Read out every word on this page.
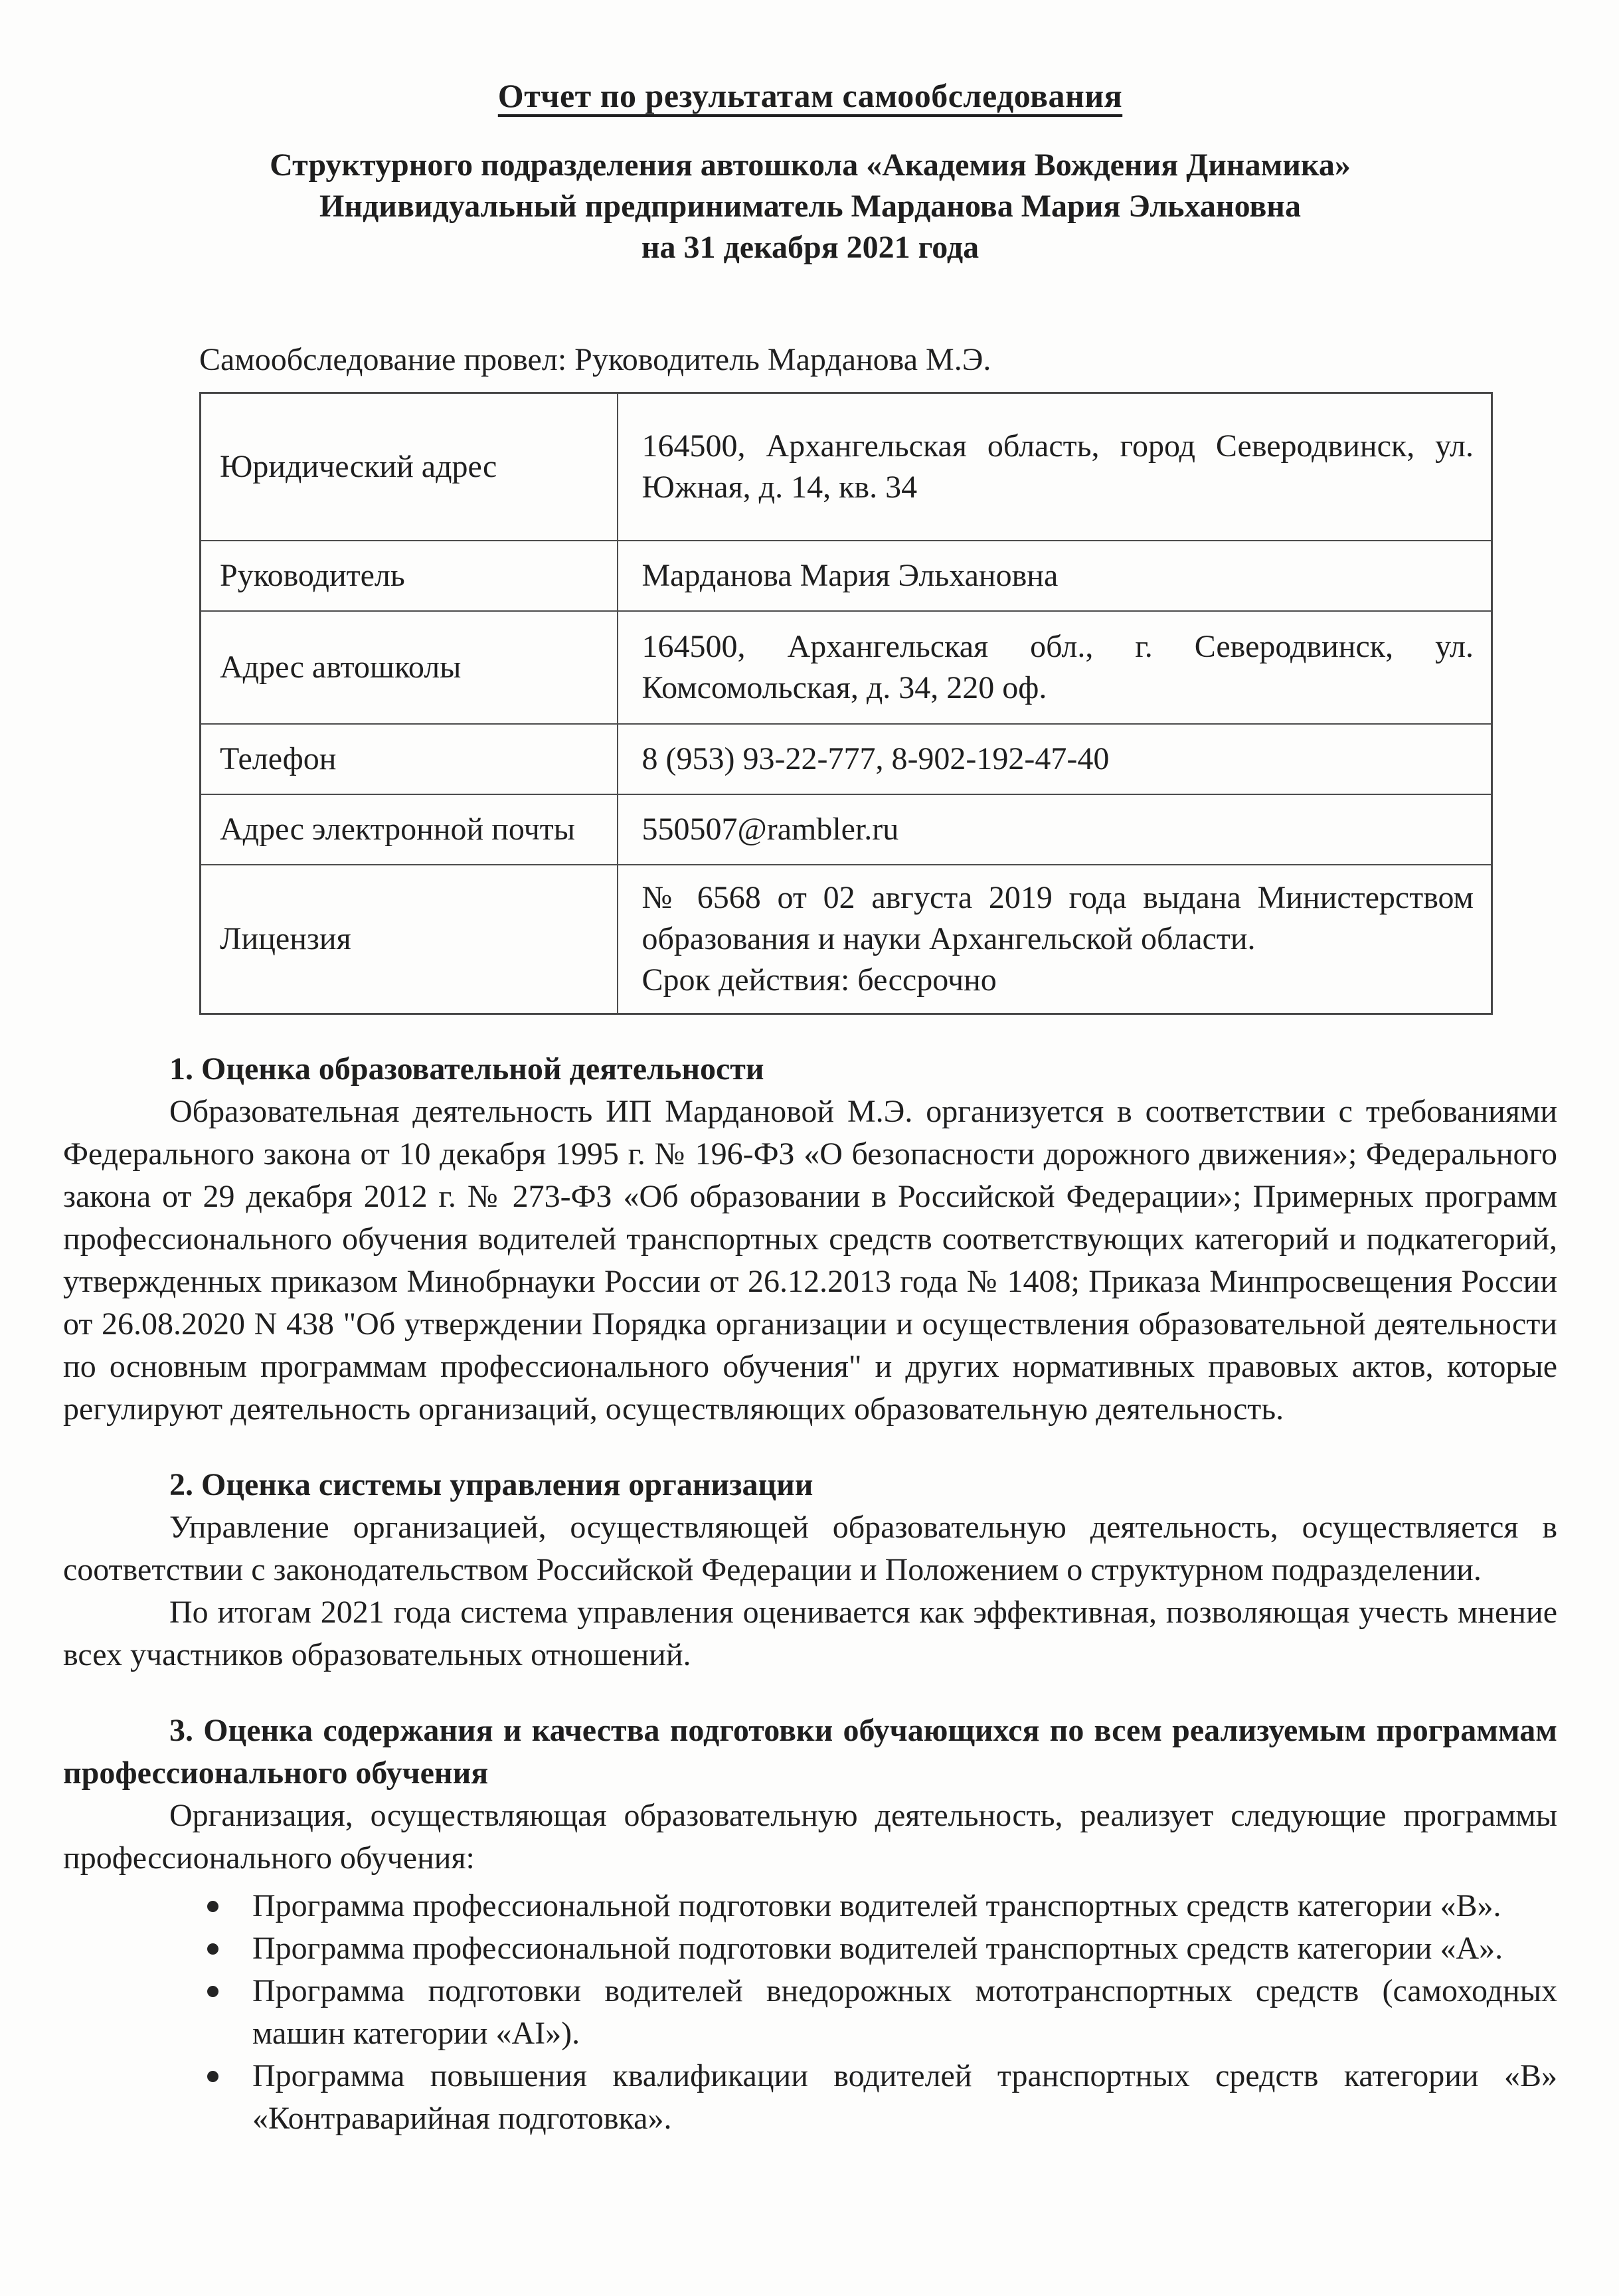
Отчет по результатам самообследования
Структурного подразделения автошкола «Академия Вождения Динамика»
Индивидуальный предприниматель Марданова Мария Эльхановна
на 31 декабря 2021 года
Самообследование провел: Руководитель Марданова М.Э.
Юридический адрес	164500, Архангельская область, город Северодвинск, ул. Южная, д. 14, кв. 34
Руководитель	Марданова Мария Эльхановна
Адрес автошколы	164500, Архангельская обл., г. Северодвинск, ул. Комсомольская, д. 34, 220 оф.
Телефон	8 (953) 93-22-777, 8-902-192-47-40
Адрес электронной почты	550507@rambler.ru
Лицензия	№ 6568 от 02 августа 2019 года выдана Министерством образования и науки Архангельской области.
Срок действия: бессрочно
1. Оценка образовательной деятельности
Образовательная деятельность ИП Мардановой М.Э. организуется в соответствии с требованиями Федерального закона от 10 декабря 1995 г. № 196-ФЗ «О безопасности дорожного движения»; Федерального закона от 29 декабря 2012 г. № 273-ФЗ «Об образовании в Российской Федерации»; Примерных программ профессионального обучения водителей транспортных средств соответствующих категорий и подкатегорий, утвержденных приказом Минобрнауки России от 26.12.2013 года № 1408; Приказа Минпросвещения России от 26.08.2020 N 438 "Об утверждении Порядка организации и осуществления образовательной деятельности по основным программам профессионального обучения" и других нормативных правовых актов, которые регулируют деятельность организаций, осуществляющих образовательную деятельность.
2. Оценка системы управления организации
Управление организацией, осуществляющей образовательную деятельность, осуществляется в соответствии с законодательством Российской Федерации и Положением о структурном подразделении.
По итогам 2021 года система управления оценивается как эффективная, позволяющая учесть мнение всех участников образовательных отношений.
3. Оценка содержания и качества подготовки обучающихся по всем реализуемым программам профессионального обучения
Организация, осуществляющая образовательную деятельность, реализует следующие программы профессионального обучения:
Программа профессиональной подготовки водителей транспортных средств категории «В».
Программа профессиональной подготовки водителей транспортных средств категории «А».
Программа подготовки водителей внедорожных мототранспортных средств (самоходных машин категории «АI»).
Программа повышения квалификации водителей транспортных средств категории «В» «Контраварийная подготовка».
